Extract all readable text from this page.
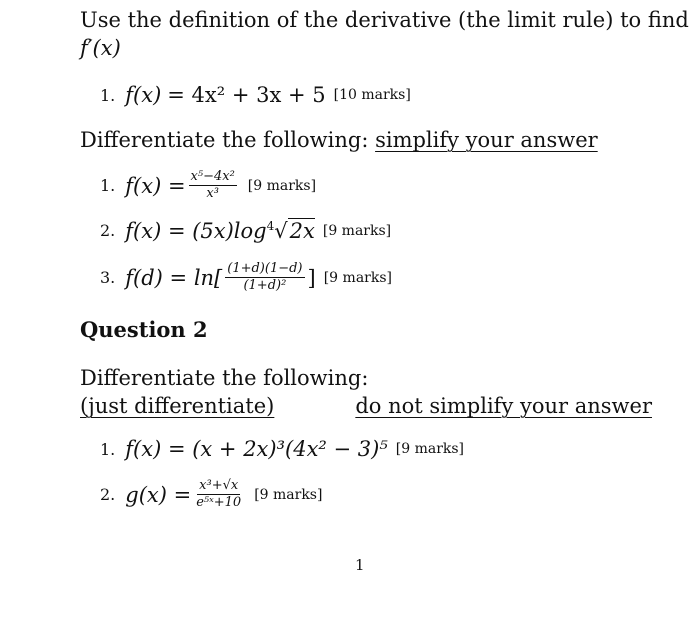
Use the definition of the derivative (the limit rule) to find
f′(x)
1. f(x) = 4x² + 3x + 5 [10 marks]
Differentiate the following: simplify your answer
1. $f(x) = \frac{\text{x⁵−4x²}}{\text{x³}} [9$ marks]
2. f(x) = (5x)log $^4$√2x [9 marks]
3. $f(d) = \ln[ \frac{(1+d)(1-d)}{\text{(1+d)²}}$ ] [9 marks]
Question 2
Differentiate the following:
do not simplify your answer
(just differentiate)
1. f(x) = (x + 2x)³(4x² − 3)⁵ [9 marks]
2. $g(x) = \frac{\text{x³+√x}}{\text{e⁵ˣ+10}} [9$ marks]
1
